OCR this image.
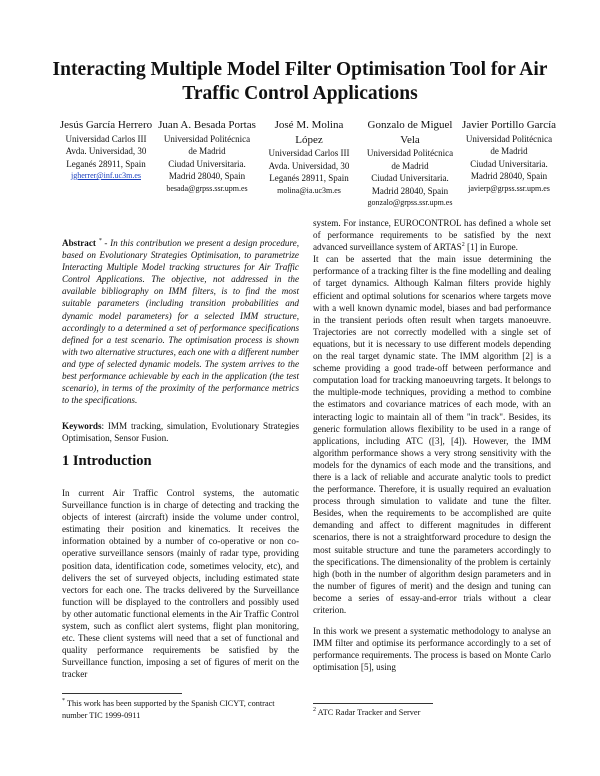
Interacting Multiple Model Filter Optimisation Tool for Air Traffic Control Applications
Jesús García Herrero
Universidad Carlos III
Avda. Universidad, 30
Leganés 28911, Spain
jgherrer@inf.uc3m.es
Juan A. Besada Portas
Universidad Politécnica
de Madrid
Ciudad Universitaria.
Madrid 28040, Spain
besada@grpss.ssr.upm.es
José M. Molina López
Universidad Carlos III
Avda. Universidad, 30
Leganés 28911, Spain
molina@ia.uc3m.es
Gonzalo de Miguel Vela
Universidad Politécnica
de Madrid
Ciudad Universitaria.
Madrid 28040, Spain
gonzalo@grpss.ssr.upm.es
Javier Portillo García
Universidad Politécnica
de Madrid
Ciudad Universitaria.
Madrid 28040, Spain
javierp@grpss.ssr.upm.es

Abstract * - In this contribution we present a design procedure, based on Evolutionary Strategies Optimisation, to parametrize Interacting Multiple Model tracking structures for Air Traffic Control Applications. The objective, not addressed in the available bibliography on IMM filters, is to find the most suitable parameters (including transition probabilities and dynamic model parameters) for a selected IMM structure, accordingly to a determined a set of performance specifications defined for a test scenario. The optimisation process is shown with two alternative structures, each one with a different number and type of selected dynamic models. The system arrives to the best performance achievable by each in the application (the test scenario), in terms of the proximity of the performance metrics to the specifications.

Keywords: IMM tracking, simulation, Evolutionary Strategies Optimisation, Sensor Fusion.

1 Introduction

In current Air Traffic Control systems, the automatic Surveillance function is in charge of detecting and tracking the objects of interest (aircraft) inside the volume under control, estimating their position and kinematics. It receives the information obtained by a number of co-operative or non co-operative surveillance sensors (mainly of radar type, providing position data, identification code, sometimes velocity, etc), and delivers the set of surveyed objects, including estimated state vectors for each one. The tracks delivered by the Surveillance function will be displayed to the controllers and possibly used by other automatic functional elements in the Air Traffic Control system, such as conflict alert systems, flight plan monitoring, etc. These client systems will need that a set of functional and quality performance requirements be satisfied by the Surveillance function, imposing a set of figures of merit on the tracker

system. For instance, EUROCONTROL has defined a whole set of performance requirements to be satisfied by the next advanced surveillance system of ARTAS$^2$ [1] in Europe.

It can be asserted that the main issue determining the performance of a tracking filter is the fine modelling and dealing of target dynamics. Although Kalman filters provide highly efficient and optimal solutions for scenarios where targets move with a well known dynamic model, biases and bad performance in the transient periods often result when targets manoeuvre. Trajectories are not correctly modelled with a single set of equations, but it is necessary to use different models depending on the real target dynamic state. The IMM algorithm [2] is a scheme providing a good trade-off between performance and computation load for tracking manoeuvring targets. It belongs to the multiple-mode techniques, providing a method to combine the estimators and covariance matrices of each mode, with an interacting logic to maintain all of them "in track". Besides, its generic formulation allows flexibility to be used in a range of applications, including ATC ([3], [4]). However, the IMM algorithm performance shows a very strong sensitivity with the models for the dynamics of each mode and the transitions, and there is a lack of reliable and accurate analytic tools to predict the performance. Therefore, it is usually required an evaluation process through simulation to validate and tune the filter. Besides, when the requirements to be accomplished are quite demanding and affect to different magnitudes in different scenarios, there is not a straightforward procedure to design the most suitable structure and tune the parameters accordingly to the specifications. The dimensionality of the problem is certainly high (both in the number of algorithm design parameters and in the number of figures of merit) and the design and tuning can become a series of essay-and-error trials without a clear criterion.

In this work we present a systematic methodology to analyse an IMM filter and optimise its performance accordingly to a set of performance requirements. The process is based on Monte Carlo optimisation [5], using

* This work has been supported by the Spanish CICYT, contract number TIC 1999-0911
$^2$ ATC Radar Tracker and Server
